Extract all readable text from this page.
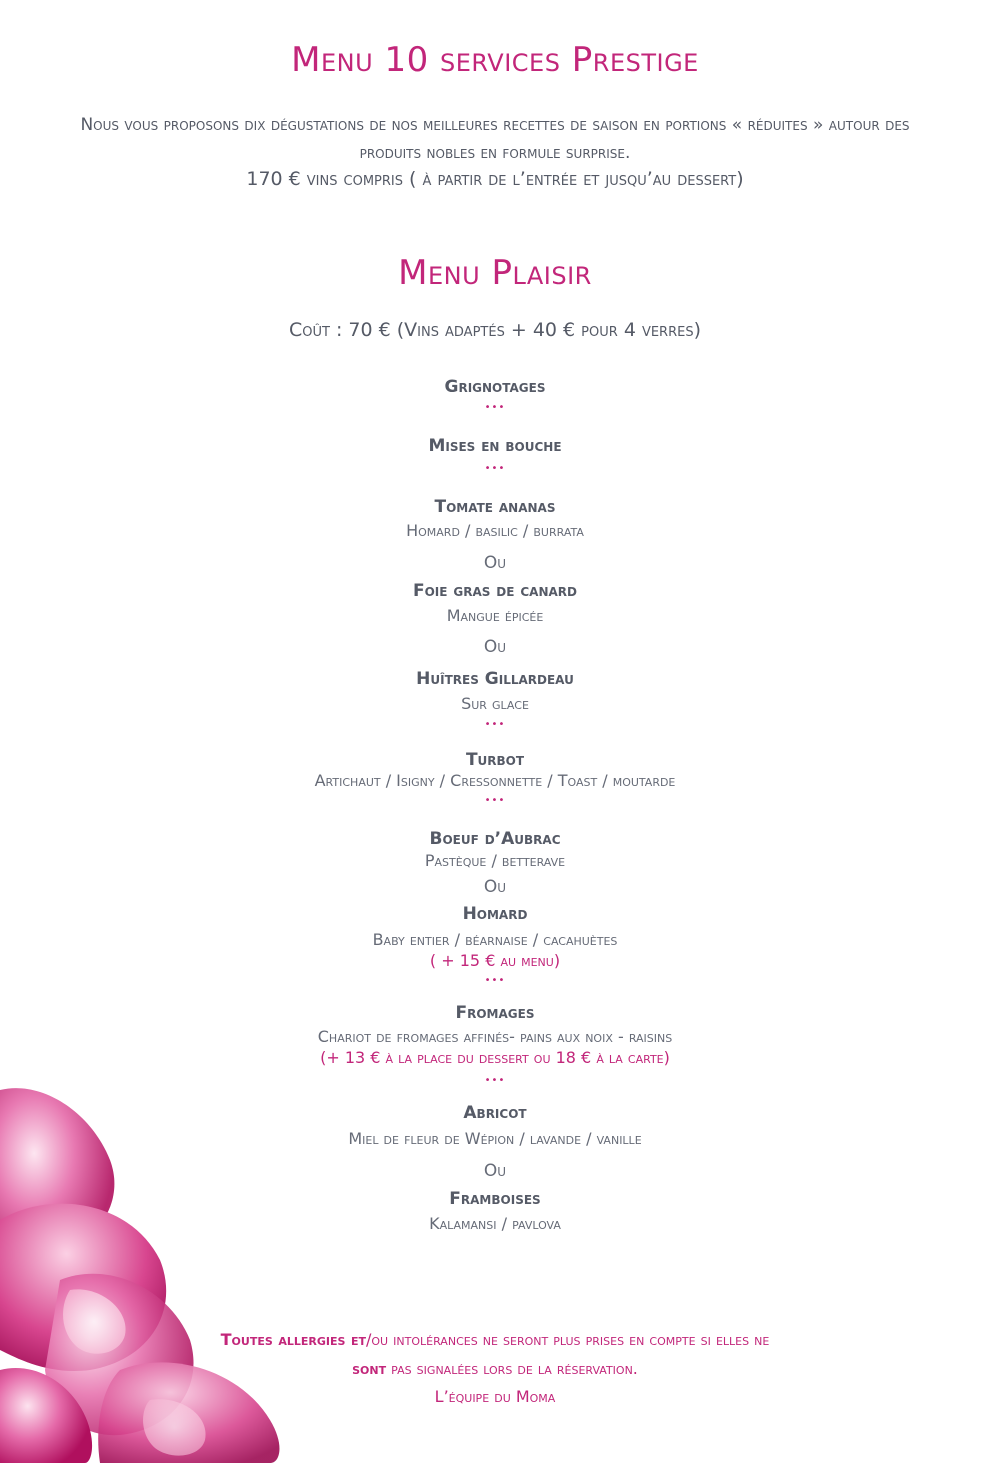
Menu 10 services Prestige
Nous vous proposons dix dégustations de nos meilleures recettes de saison en portions « réduites » autour des
produits nobles en formule surprise.
170 € vins compris ( à partir de l’entrée et jusqu’au dessert)
Menu Plaisir
Coût : 70 € (Vins adaptés + 40 € pour 4 verres)
Grignotages
•••
Mises en bouche
•••
Tomate ananas
Homard / basilic / burrata
Ou
Foie gras de canard
Mangue épicée
Ou
Huîtres Gillardeau
Sur glace
•••
Turbot
Artichaut / Isigny / Cressonnette / Toast / moutarde
•••
Boeuf d’Aubrac
Pastèque / betterave
Ou
Homard
Baby entier / béarnaise / cacahuètes
( + 15 € au menu)
•••
Fromages
Chariot de fromages affinés- pains aux noix - raisins
(+ 13 € à la place du dessert ou 18 € à la carte)
•••
Abricot
Miel de fleur de Wépion / lavande / vanille
Ou
Framboises
Kalamansi / pavlova
Toutes allergies et/ou intolérances ne seront plus prises en compte si elles ne
sont pas signalées lors de la réservation.
L’équipe du Moma
